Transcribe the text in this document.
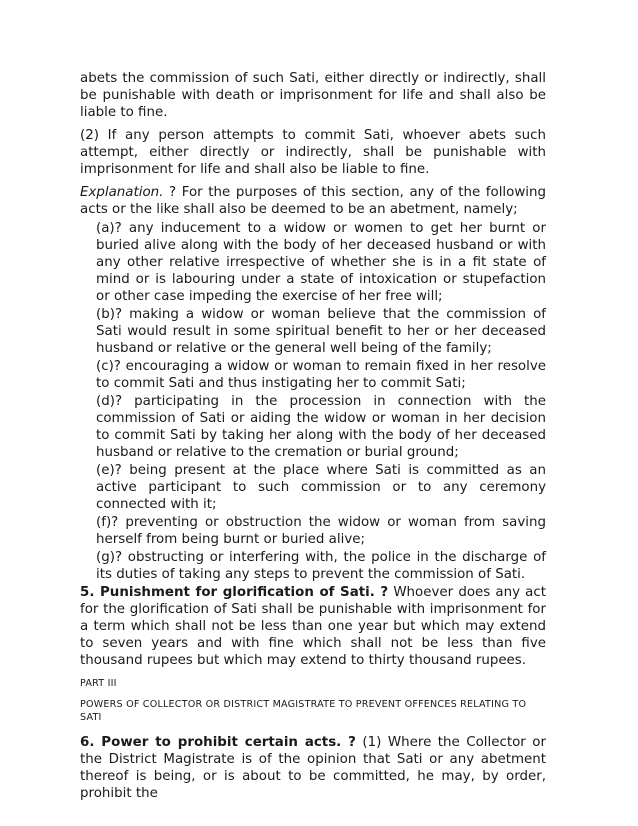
abets the commission of such Sati, either directly or indirectly, shall be punishable with death or imprisonment for life and shall also be liable to fine.

(2) If any person attempts to commit Sati, whoever abets such attempt, either directly or indirectly, shall be punishable with imprisonment for life and shall also be liable to fine.

Explanation. ? For the purposes of this section, any of the following acts or the like shall also be deemed to be an abetment, namely;

(a)? any inducement to a widow or women to get her burnt or buried alive along with the body of her deceased husband or with any other relative irrespective of whether she is in a fit state of mind or is labouring under a state of intoxication or stupefaction or other case impeding the exercise of her free will;

(b)? making a widow or woman believe that the commission of Sati would result in some spiritual benefit to her or her deceased husband or relative or the general well being of the family;

(c)? encouraging a widow or woman to remain fixed in her resolve to commit Sati and thus instigating her to commit Sati;

(d)? participating in the procession in connection with the commission of Sati or aiding the widow or woman in her decision to commit Sati by taking her along with the body of her deceased husband or relative to the cremation or burial ground;

(e)? being present at the place where Sati is committed as an active participant to such commission or to any ceremony connected with it;

(f)? preventing or obstruction the widow or woman from saving herself from being burnt or buried alive;

(g)? obstructing or interfering with, the police in the discharge of its duties of taking any steps to prevent the commission of Sati.

5. Punishment for glorification of Sati. ? Whoever does any act for the glorification of Sati shall be punishable with imprisonment for a term which shall not be less than one year but which may extend to seven years and with fine which shall not be less than five thousand rupees but which may extend to thirty thousand rupees.

PART III

POWERS OF COLLECTOR OR DISTRICT MAGISTRATE TO PREVENT OFFENCES RELATING TO SATI

6. Power to prohibit certain acts. ? (1) Where the Collector or the District Magistrate is of the opinion that Sati or any abetment thereof is being, or is about to be committed, he may, by order, prohibit the
